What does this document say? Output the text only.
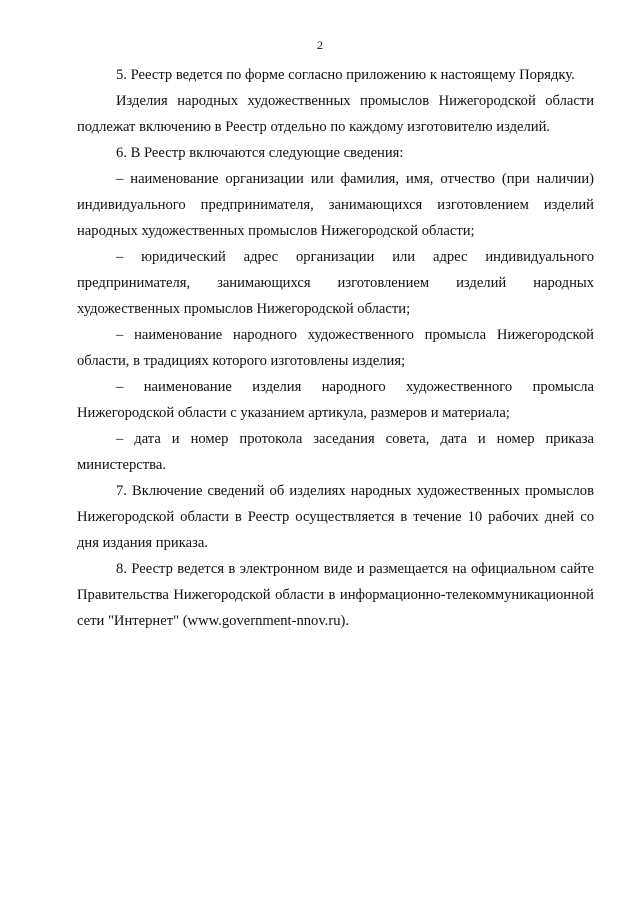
2

5. Реестр ведется по форме согласно приложению к настоящему Порядку.

Изделия народных художественных промыслов Нижегородской области подлежат включению в Реестр отдельно по каждому изготовителю изделий.

6. В Реестр включаются следующие сведения:

– наименование организации или фамилия, имя, отчество (при наличии) индивидуального предпринимателя, занимающихся изготовлением изделий народных художественных промыслов Нижегородской области;

– юридический адрес организации или адрес индивидуального предпринимателя, занимающихся изготовлением изделий народных художественных промыслов Нижегородской области;

– наименование народного художественного промысла Нижегородской области, в традициях которого изготовлены изделия;

– наименование изделия народного художественного промысла Нижегородской области с указанием артикула, размеров и материала;

– дата и номер протокола заседания совета, дата и номер приказа министерства.

7. Включение сведений об изделиях народных художественных промыслов Нижегородской области в Реестр осуществляется в течение 10 рабочих дней со дня издания приказа.

8. Реестр ведется в электронном виде и размещается на официальном сайте Правительства Нижегородской области в информационно-телекоммуникационной сети "Интернет" (www.government-nnov.ru).
